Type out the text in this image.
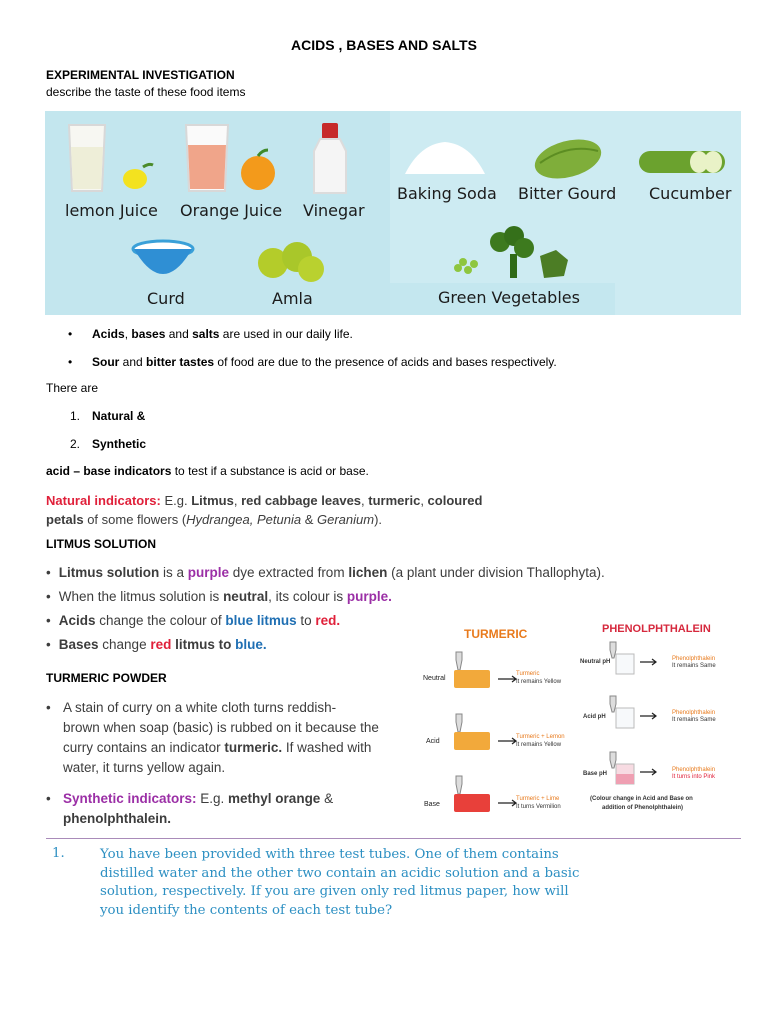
ACIDS , BASES AND SALTS
EXPERIMENTAL INVESTIGATION
describe the taste of these food items
lemon Juice Orange Juice Vinegar
Curd	Amla
Baking Soda Bitter Gourd Cucumber
Green Vegetables
• Acids, bases and salts are used in our daily life.
• Sour and bitter tastes of food are due to the presence of acids and bases respectively.
There are
1. Natural &
2. Synthetic
acid – base indicators to test if a substance is acid or base.
Natural indicators: E.g. Litmus, red cabbage leaves, turmeric, coloured
petals of some flowers (Hydrangea, Petunia & Geranium).
LITMUS SOLUTION
• Litmus solution is a purple dye extracted from lichen (a plant under division Thallophyta).
• When the litmus solution is neutral, its colour is purple.
• Acids change the colour of blue litmus to red.
• Bases change red litmus to blue.
TURMERIC POWDER
• A stain of curry on a white cloth turns reddish-
brown when soap (basic) is rubbed on it because the
curry contains an indicator turmeric. If washed with
water, it turns yellow again.
• Synthetic indicators: E.g. methyl orange &
phenolphthalein.
TURMERIC	PHENOLPHTHALEIN
Neutral
Acid
Base
Turmeric
It remains Yellow
Turmeric + Lemon
It remains Yellow
Turmeric + Lime
It turns Vermilion
Neutral pH
Acid pH
Base pH
Phenolphthalein
It remains Same
Phenolphthalein
It remains Same
Phenolphthalein
It turns into Pink
(Colour change in Acid and Base on
addition of Phenolphthalein)
1.	You have been provided with three test tubes. One of them contains
distilled water and the other two contain an acidic solution and a basic
solution, respectively. If you are given only red litmus paper, how will
you identify the contents of each test tube?
